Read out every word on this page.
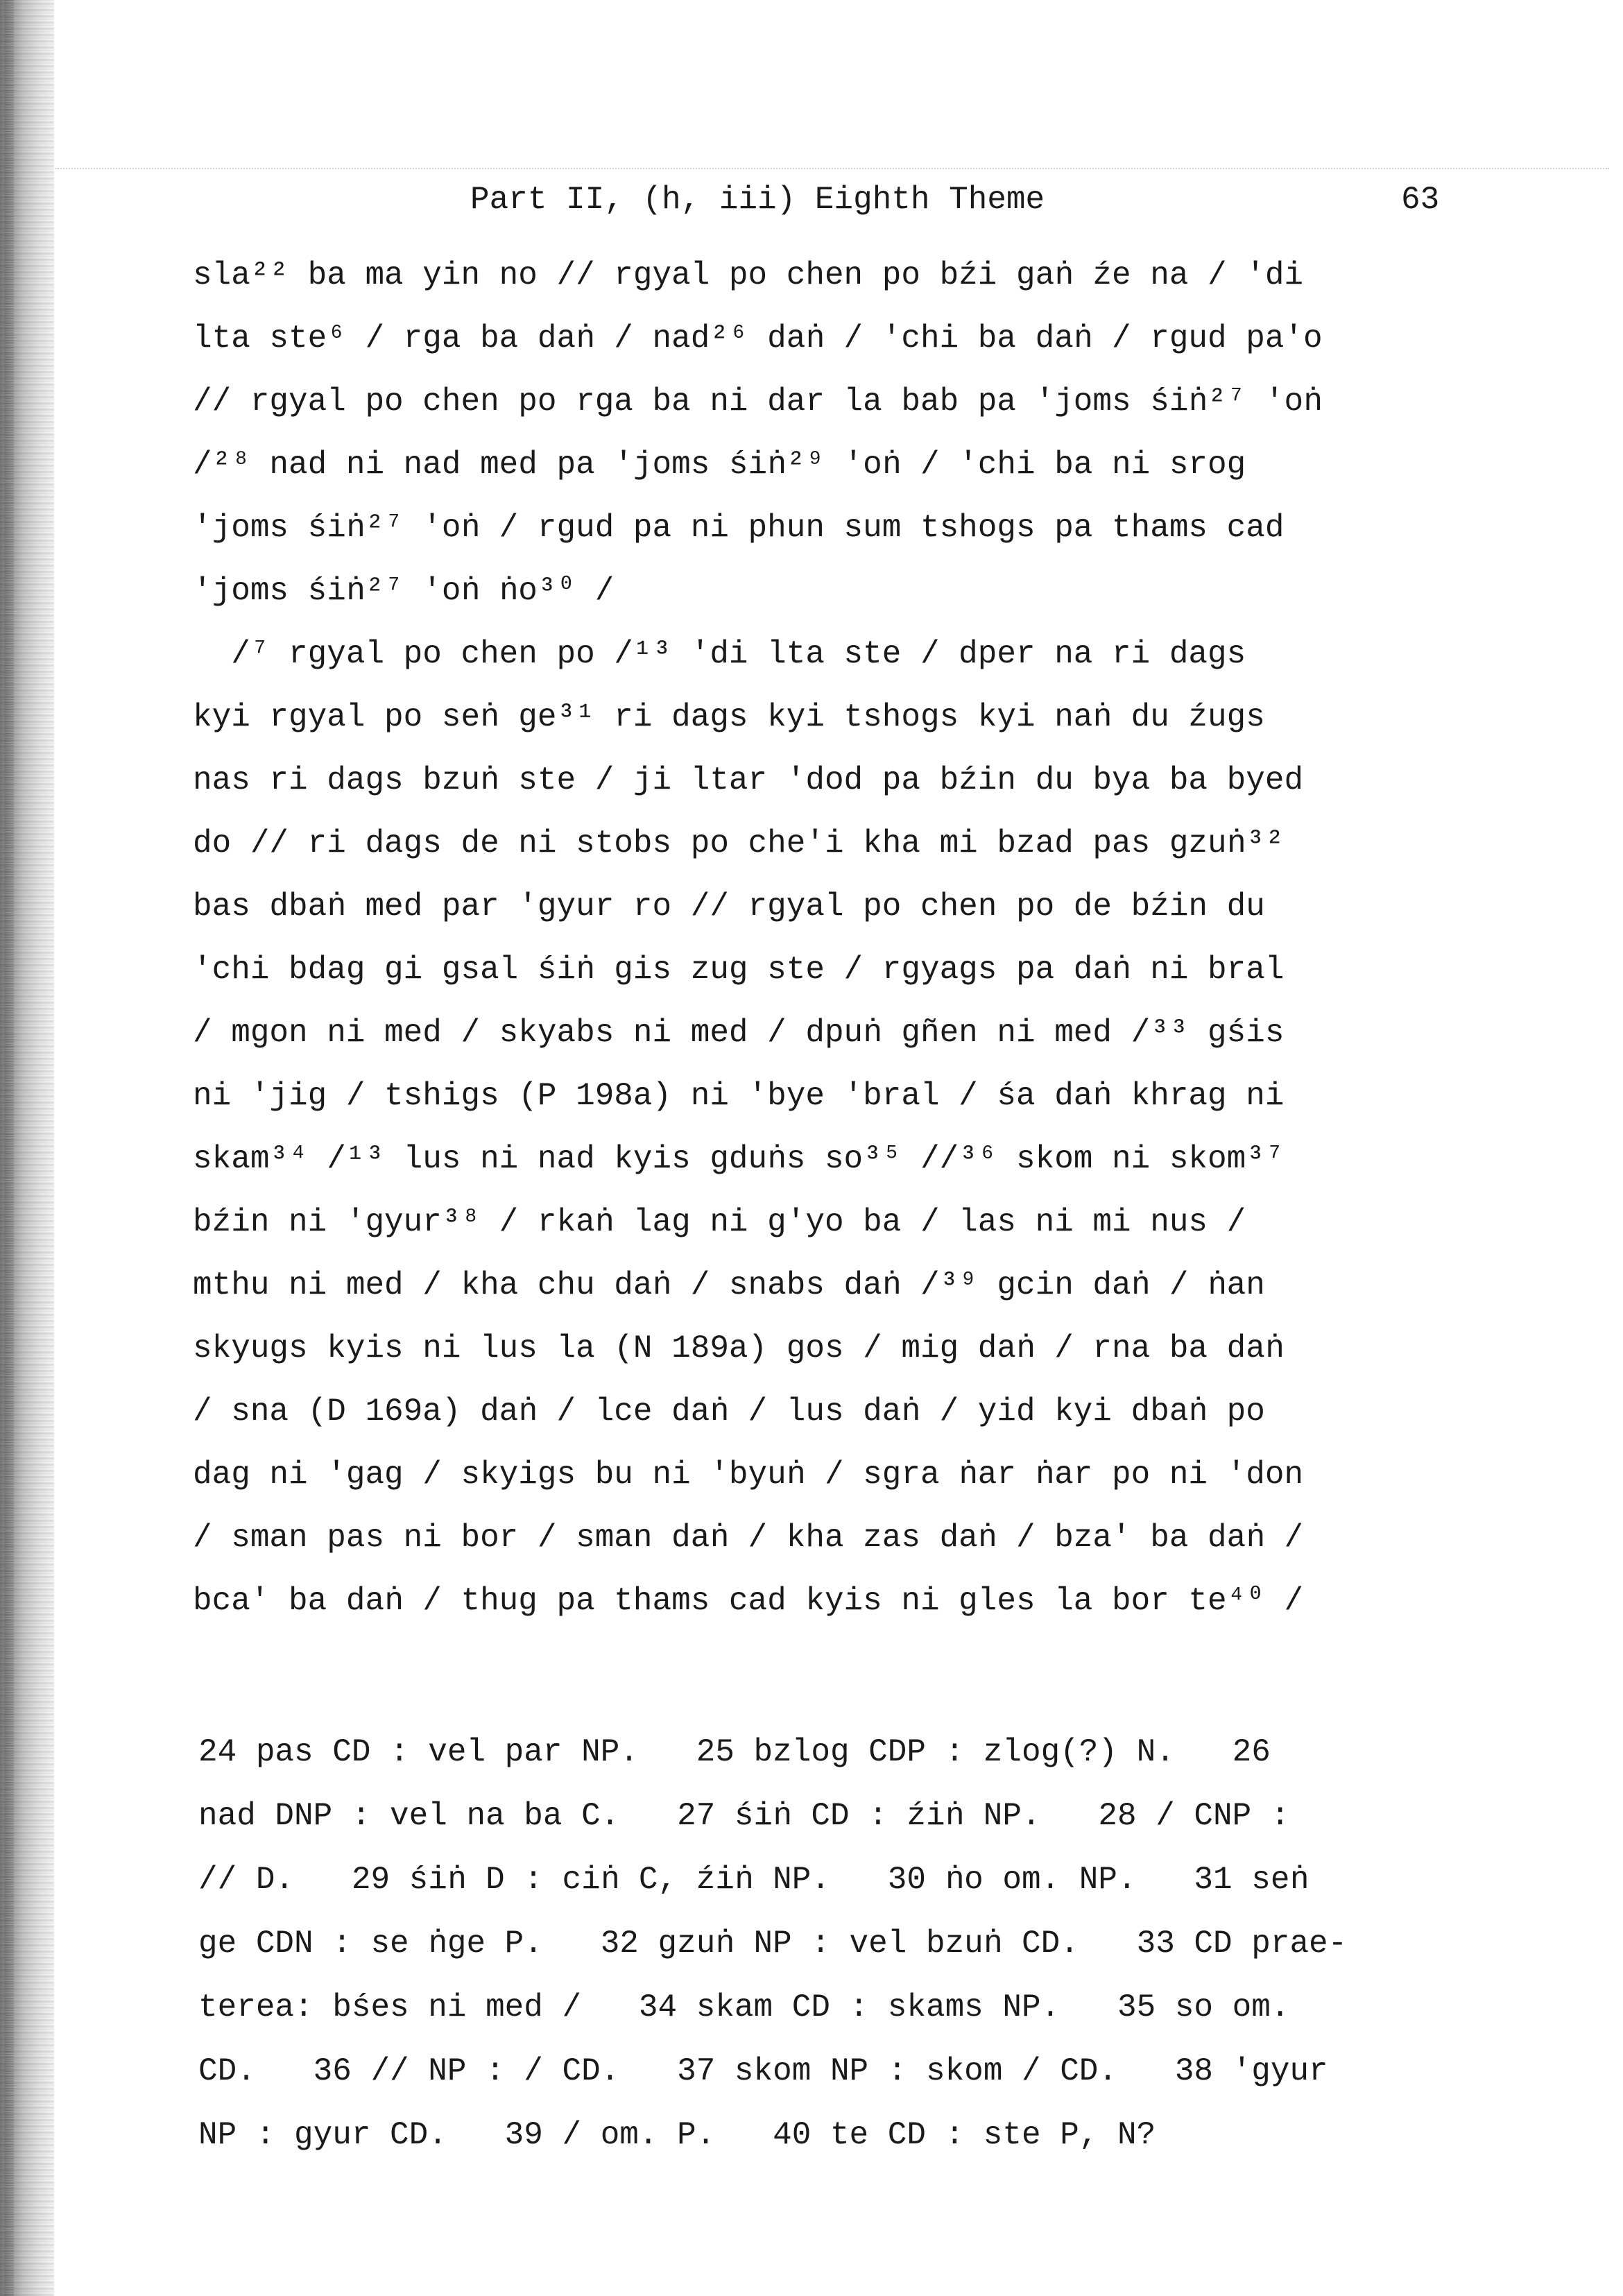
Part II, (h, iii) Eighth Theme	63
sla²² ba ma yin no // rgyal po chen po bźi gaṅ źe na / 'di
lta ste⁶ / rga ba daṅ / nad²⁶ daṅ / 'chi ba daṅ / rgud pa'o
// rgyal po chen po rga ba ni dar la bab pa 'joms śiṅ²⁷ 'oṅ
/²⁸ nad ni nad med pa 'joms śiṅ²⁹ 'oṅ / 'chi ba ni srog
'joms śiṅ²⁷ 'oṅ / rgud pa ni phun sum tshogs pa thams cad
'joms śiṅ²⁷ 'oṅ ṅo³⁰ /
/⁷ rgyal po chen po /¹³ 'di lta ste / dper na ri dags
kyi rgyal po seṅ ge³¹ ri dags kyi tshogs kyi naṅ du źugs
nas ri dags bzuṅ ste / ji ltar 'dod pa bźin du bya ba byed
do // ri dags de ni stobs po che'i kha mi bzad pas gzuṅ³²
bas dbaṅ med par 'gyur ro // rgyal po chen po de bźin du
'chi bdag gi gsal śiṅ gis zug ste / rgyags pa daṅ ni bral
/ mgon ni med / skyabs ni med / dpuṅ gñen ni med /³³ gśis
ni 'jig / tshigs (P 198a) ni 'bye 'bral / śa daṅ khrag ni
skam³⁴ /¹³ lus ni nad kyis gduṅs so³⁵ //³⁶ skom ni skom³⁷
bźin ni 'gyur³⁸ / rkaṅ lag ni g'yo ba / las ni mi nus /
mthu ni med / kha chu daṅ / snabs daṅ /³⁹ gcin daṅ / ṅan
skyugs kyis ni lus la (N 189a) gos / mig daṅ / rna ba daṅ
/ sna (D 169a) daṅ / lce daṅ / lus daṅ / yid kyi dbaṅ po
dag ni 'gag / skyigs bu ni 'byuṅ / sgra ṅar ṅar po ni 'don
/ sman pas ni bor / sman daṅ / kha zas daṅ / bza' ba daṅ /
bca' ba daṅ / thug pa thams cad kyis ni gles la bor te⁴⁰ /
24 pas CD : vel par NP.   25 bzlog CDP : zlog(?) N.   26
nad DNP : vel na ba C.   27 śiṅ CD : źiṅ NP.   28 / CNP :
// D.   29 śiṅ D : ciṅ C, źiṅ NP.   30 ṅo om. NP.   31 seṅ
ge CDN : se ṅge P.   32 gzuṅ NP : vel bzuṅ CD.   33 CD prae-
terea: bśes ni med /   34 skam CD : skams NP.   35 so om.
CD.   36 // NP : / CD.   37 skom NP : skom / CD.   38 'gyur
NP : gyur CD.   39 / om. P.   40 te CD : ste P, N?
